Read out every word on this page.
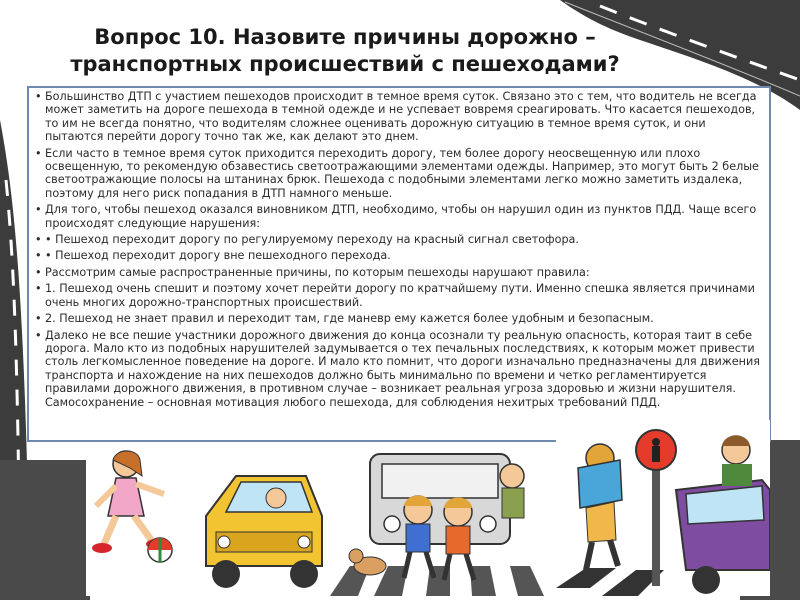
Вопрос 10. Назовите причины дорожно – транспортных происшествий с пешеходами?
• Большинство ДТП с участием пешеходов происходит в темное время суток. Связано это с тем, что водитель не всегда может заметить на дороге пешехода в темной одежде и не успевает вовремя среагировать. Что касается пешеходов, то им не всегда понятно, что водителям сложнее оценивать дорожную ситуацию в темное время суток, и они пытаются перейти дорогу точно так же, как делают это днем.
• Если часто в темное время суток приходится переходить дорогу, тем более дорогу неосвещенную или плохо освещенную, то рекомендую обзавестись светоотражающими элементами одежды. Например, это могут быть 2 белые светоотражающие полосы на штанинах брюк. Пешехода с подобными элементами легко можно заметить издалека, поэтому для него риск попадания в ДТП намного меньше.
• Для того, чтобы пешеход оказался виновником ДТП, необходимо, чтобы он нарушил один из пунктов ПДД. Чаще всего происходят следующие нарушения:
• • Пешеход переходит дорогу по регулируемому переходу на красный сигнал светофора.
• • Пешеход переходит дорогу вне пешеходного перехода.
• Рассмотрим самые распространенные причины, по которым пешеходы нарушают правила:
• 1. Пешеход очень спешит и поэтому хочет перейти дорогу по кратчайшему пути. Именно спешка является причинами очень многих дорожно-транспортных происшествий.
• 2. Пешеход не знает правил и переходит там, где маневр ему кажется более удобным и безопасным.
• Далеко не все пешие участники дорожного движения до конца осознали ту реальную опасность, которая таит в себе дорога. Мало кто из подобных нарушителей задумывается о тех печальных последствиях, к которым может привести столь легкомысленное поведение на дороге. И мало кто помнит, что дороги изначально предназначены для движения транспорта и нахождение на них пешеходов должно быть минимально по времени и четко регламентируется правилами дорожного движения, в противном случае – возникает реальная угроза здоровью и жизни нарушителя. Самосохранение – основная мотивация любого пешехода, для соблюдения нехитрых требований ПДД.
